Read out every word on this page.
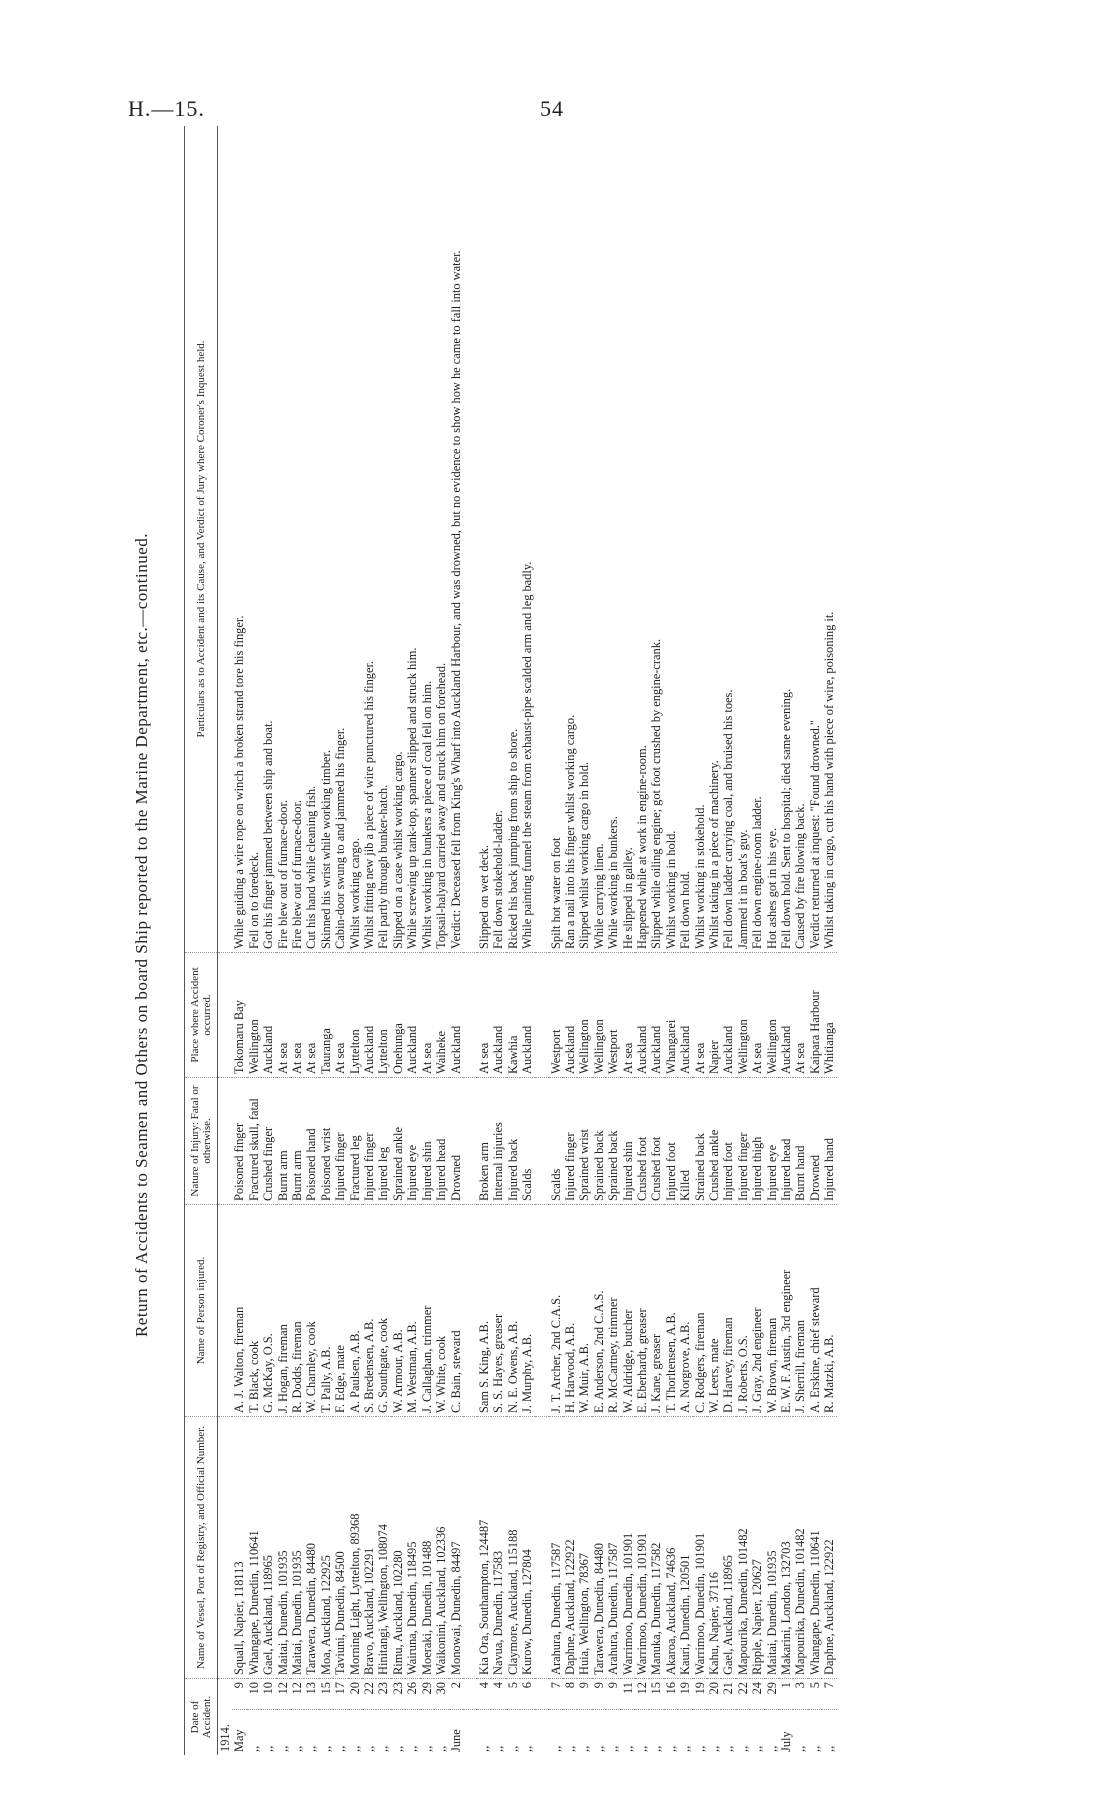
H.—15.	54
Return of Accidents to Seamen and Others on board Ship reported to the Marine Department, etc.—continued.
Date of Accident.		Name of Vessel, Port of Registry, and Official Number.	Name of Person injured.	Nature of Injury: Fatal or otherwise.	Place where Accident occurred.	Particulars as to Accident and its Cause, and Verdict of Jury where Coroner's Inquest held.
1914.						
May	9	Squall, Napier, 118113	A. J. Walton, fireman	Poisoned finger	Tokomaru Bay	While guiding a wire rope on winch a broken strand tore his finger.
,,	10	Whangape, Dunedin, 110641	T. Black, cook	Fractured skull, fatal	Wellington	Fell on to foredeck.
,,	10	Gael, Auckland, 118965	G. McKay, O.S.	Crushed finger	Auckland	Got his finger jammed between ship and boat.
,,	12	Maitai, Dunedin, 101935	J. Hogan, fireman	Burnt arm	At sea	Fire blew out of furnace-door.
,,	12	Maitai, Dunedin, 101935	R. Dodds, fireman	Burnt arm	At sea	Fire blew out of furnace-door.
,,	13	Tarawera, Dunedin, 84480	W. Charnley, cook	Poisoned hand	At sea	Cut his hand while cleaning fish.
,,	15	Moa, Auckland, 122925	T. Pally, A.B.	Poisoned wrist	Tauranga	Skinned his wrist while working timber.
,,	17	Taviuni, Dunedin, 84500	F. Edge, mate	Injured finger	At sea	Cabin-door swung to and jammed his finger.
,,	20	Morning Light, Lyttelton, 89368	A. Paulsen, A.B.	Fractured leg	Lyttelton	Whilst working cargo.
,,	22	Bravo, Auckland, 102291	S. Bredensen, A.B.	Injured finger	Auckland	Whilst fitting new jib a piece of wire punctured his finger.
,,	23	Hinitangi, Wellington, 108074	G. Southgate, cook	Injured leg	Lyttelton	Fell partly through bunker-hatch.
,,	23	Rimu, Auckland, 102280	W. Armour, A.B.	Sprained ankle	Onehunga	Slipped on a case whilst working cargo.
,,	26	Wairuna, Dunedin, 118495	M. Westman, A.B.	Injured eye	Auckland	While screwing up tank-top, spanner slipped and struck him.
,,	29	Moeraki, Dunedin, 101488	J. Callaghan, trimmer	Injured shin	At sea	Whilst working in bunkers a piece of coal fell on him.
,,	30	Waikonini, Auckland, 102336	W. White, cook	Injured head	Waiheke	Topsail-halyard carried away and struck him on forehead.
June	2	Monowai, Dunedin, 84497	C. Bain, steward	Drowned	Auckland	Verdict: Deceased fell from King's Wharf into Auckland Harbour, and was drowned, but no evidence to show how he came to fall into water.

,,	4	Kia Ora, Southampton, 124487	Sam S. King, A.B.	Broken arm	At sea	Slipped on wet deck.
,,	4	Navua, Dunedin, 117583	S. S. Hayes, greaser	Internal injuries	Auckland	Fell down stokehold-ladder.
,,	5	Claymore, Auckland, 115188	N. E. Owens, A.B.	Injured back	Kawhia	Ricked his back jumping from ship to shore.
,,	6	Kurow, Dunedin, 127804	J. Murphy, A.B.	Scalds	Auckland	While painting funnel the steam from exhaust-pipe scalded arm and leg badly.

,,	7	Arahura, Dunedin, 117587	J. T. Archer, 2nd C.A.S.	Scalds	Westport	Spilt hot water on foot
,,	8	Daphne, Auckland, 122922	H. Harwood, A.B.	Injured finger	Auckland	Ran a nail into his finger whilst working cargo.
,,	9	Huia, Wellington, 78367	W. Muir, A.B.	Sprained wrist	Wellington	Slipped whilst working cargo in hold.
,,	9	Tarawera, Dunedin, 84480	E. Anderson, 2nd C.A.S.	Sprained back	Wellington	While carrying linen.
,,	9	Arahura, Dunedin, 117587	R. McCartney, trimmer	Sprained back	Westport	While working in bunkers.
,,	11	Warrimoo, Dunedin, 101901	W. Aldridge, butcher	Injured shin	At sea	He slipped in galley.
,,	12	Warrimoo, Dunedin, 101901	E. Eberhardt, greaser	Crushed foot	Auckland	Happened while at work in engine-room.
,,	15	Manuka, Dunedin, 117582	J. Kane, greaser	Crushed foot	Auckland	Slipped while oiling engine; got foot crushed by engine-crank.
,,	16	Akaroa, Auckland, 74636	T. Thorltensen, A.B.	Injured foot	Whangarei	Whilst working in hold.
,,	19	Kauri, Dunedin, 120501	A. Norgrove, A.B.	Killed	Auckland	Fell down hold.
,,	19	Warrimoo, Dunedin, 101901	C. Rodgers, fireman	Strained back	At sea	Whilst working in stokehold.
,,	20	Kahu, Napier, 37116	W. Leers, mate	Crushed ankle	Napier	Whilst taking in a piece of machinery.
,,	21	Gael, Auckland, 118965	D. Harvey, fireman	Injured foot	Auckland	Fell down ladder carrying coal, and bruised his toes.
,,	22	Mapourika, Dunedin, 101482	J. Roberts, O.S.	Injured finger	Wellington	Jammed it in boat's guy.
,,	24	Ripple, Napier, 120627	J. Gray, 2nd engineer	Injured thigh	At sea	Fell down engine-room ladder.
,,	29	Maitai, Dunedin, 101935	W. Brown, fireman	Injured eye	Wellington	Hot ashes got in his eye.
July	1	Makarini, London, 132703	E. W. F. Austin, 3rd engineer	Injured head	Auckland	Fell down hold. Sent to hospital; died same evening.
,,	3	Mapourika, Dunedin, 101482	J. Sherrill, fireman	Burnt hand	At sea	Caused by fire blowing back.
,,	5	Whangape, Dunedin, 110641	A. Erskine, chief steward	Drowned	Kaipara Harbour	Verdict returned at inquest: "Found drowned."
,,	7	Daphne, Auckland, 122922	R. Matzki, A.B.	Injured hand	Whitianga	Whilst taking in cargo, cut his hand with piece of wire, poisoning it.
